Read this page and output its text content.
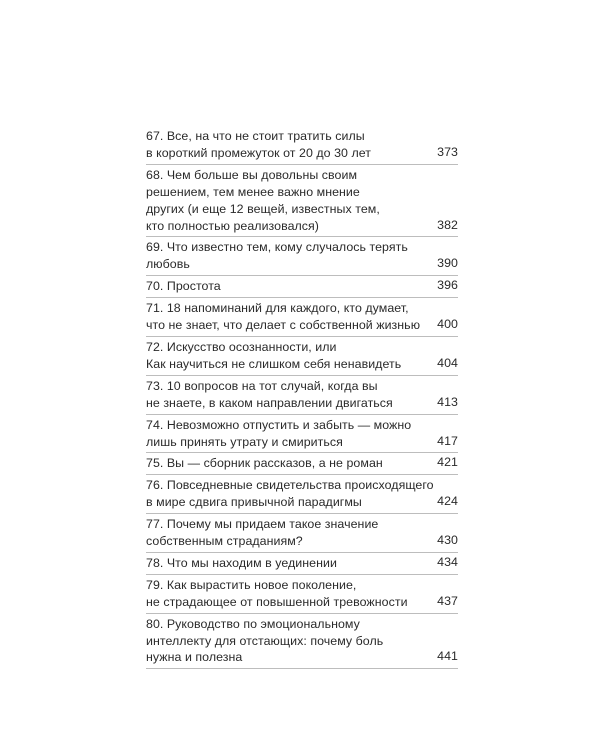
67. Все, на что не стоит тратить силы
в короткий промежуток от 20 до 30 лет	373
68. Чем больше вы довольны своим
решением, тем менее важно мнение
других (и еще 12 вещей, известных тем,
кто полностью реализовался)	382
69. Что известно тем, кому случалось терять
любовь	390
70. Простота	396
71. 18 напоминаний для каждого, кто думает,
что не знает, что делает с собственной жизнью	400
72. Искусство осознанности, или
Как научиться не слишком себя ненавидеть	404
73. 10 вопросов на тот случай, когда вы
не знаете, в каком направлении двигаться	413
74. Невозможно отпустить и забыть — можно
лишь принять утрату и смириться	417
75. Вы — сборник рассказов, а не роман	421
76. Повседневные свидетельства происходящего
в мире сдвига привычной парадигмы	424
77. Почему мы придаем такое значение
собственным страданиям?	430
78. Что мы находим в уединении	434
79. Как вырастить новое поколение,
не страдающее от повышенной тревожности	437
80. Руководство по эмоциональному
интеллекту для отстающих: почему боль
нужна и полезна	441
